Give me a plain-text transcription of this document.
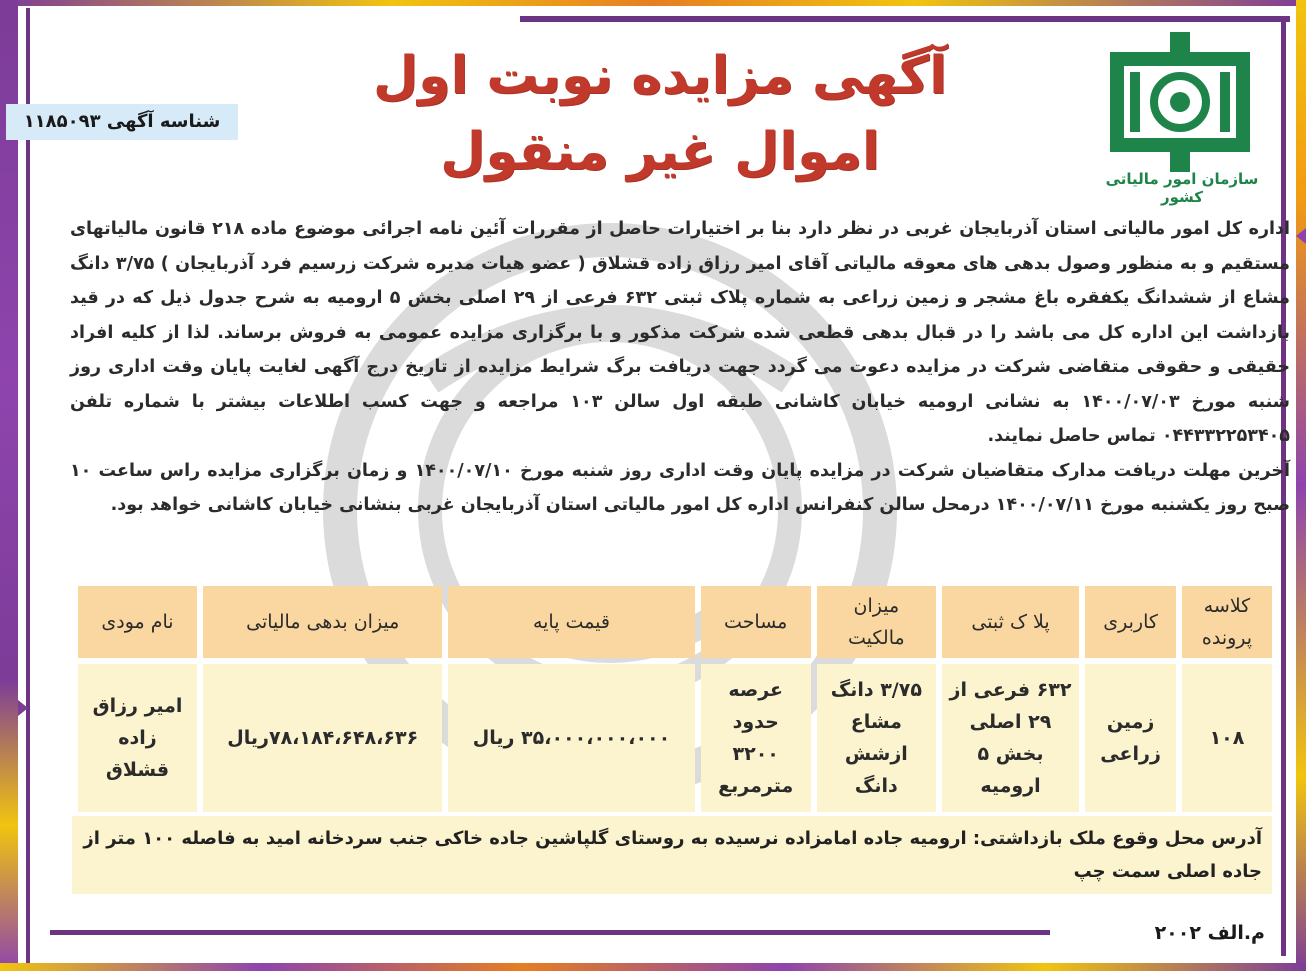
سازمان امور مالیاتی کشور
آگهی مزایده نوبت اول
اموال غیر منقول
شناسه آگهی ۱۱۸۵۰۹۳

اداره کل امور مالیاتی استان آذربایجان غربی در نظر دارد بنا بر اختیارات حاصل از مقررات آئین نامه اجرائی موضوع ماده ۲۱۸ قانون مالیاتهای مستقیم و به منظور وصول بدهی های معوقه مالیاتی آقای امیر رزاق زاده قشلاق ( عضو هیات مدیره شرکت زرسیم فرد آذربایجان ) ۳/۷۵ دانگ مشاع از ششدانگ یکفقره باغ مشجر و زمین زراعی به شماره پلاک ثبتی ۶۳۲ فرعی از ۲۹ اصلی بخش ۵ ارومیه به شرح جدول ذیل که در قید بازداشت این اداره کل می باشد را در قبال بدهی قطعی شده شرکت مذکور و با برگزاری مزایده عمومی به فروش برساند. لذا از کلیه افراد حقیقی و حقوقی متقاضی شرکت در مزایده دعوت می گردد جهت دریافت برگ شرایط مزایده از تاریخ درج آگهی لغایت پایان وقت اداری روز شنبه مورخ ۱۴۰۰/۰۷/۰۳ به نشانی ارومیه خیابان کاشانی طبقه اول سالن ۱۰۳ مراجعه و جهت کسب اطلاعات بیشتر با شماره تلفن ۰۴۴۳۳۲۲۵۳۴۰۵ تماس حاصل نمایند.

آخرین مهلت دریافت مدارک متقاضیان شرکت در مزایده پایان وقت اداری روز شنبه مورخ ۱۴۰۰/۰۷/۱۰ و زمان برگزاری مزایده راس ساعت ۱۰ صبح روز یکشنبه مورخ ۱۴۰۰/۰۷/۱۱ درمحل سالن کنفرانس اداره کل امور مالیاتی استان آذربایجان غربی بنشانی خیابان کاشانی خواهد بود.

کلاسه پرونده	کاربری	پلا ک ثبتی	میزان مالکیت	مساحت	قیمت پایه	میزان بدهی مالیاتی	نام مودی
۱۰۸	زمین زراعی	۶۳۲ فرعی از ۲۹ اصلی بخش ۵ ارومیه	۳/۷۵ دانگ مشاع ازشش دانگ	عرصه حدود ۳۲۰۰ مترمربع	۳۵،۰۰۰،۰۰۰،۰۰۰ ریال	۷۸،۱۸۴،۶۴۸،۶۳۶ریال	امیر رزاق زاده قشلاق
آدرس محل وقوع ملک بازداشتی: ارومیه جاده امامزاده نرسیده به روستای گلپاشین جاده خاکی جنب سردخانه امید به فاصله ۱۰۰ متر از جاده اصلی سمت چپ
م.الف ۲۰۰۲
